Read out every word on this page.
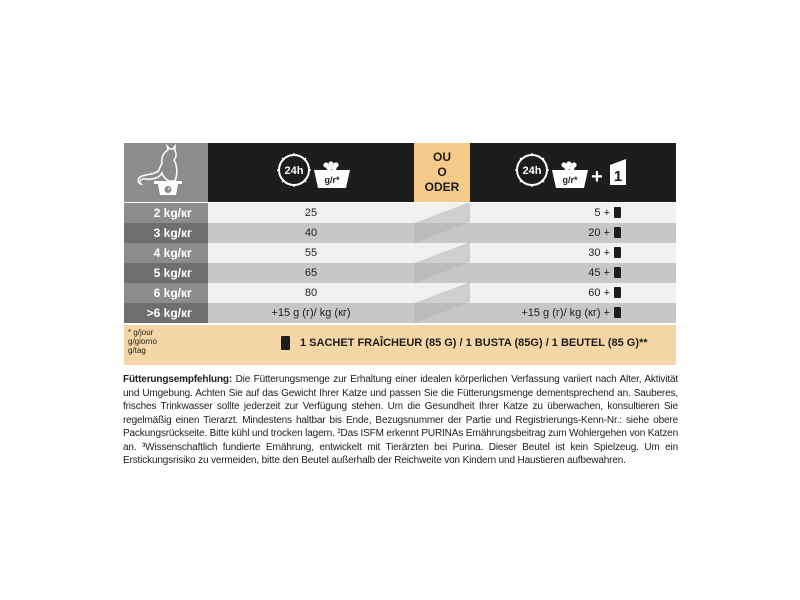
24h
g/r*
OU
O
ODER
24h
g/r* + 1
2 kg/кг	25	5 +
3 kg/кг	40	20 +
4 kg/кг	55	30 +
5 kg/кг	65	45 +
6 kg/кг	80	60 +
>6 kg/кг	+15 g (г)/ kg (кг)	+15 g (г)/ kg (кг) +
* g/jour
g/giorno
g/tag
1 SACHET FRAÎCHEUR (85 G) / 1 BUSTA (85G) / 1 BEUTEL (85 G)**
Fütterungsempfehlung: Die Fütterungsmenge zur Erhaltung einer idealen körperlichen Verfassung variiert nach Alter, Aktivität und Umgebung. Achten Sie auf das Gewicht Ihrer Katze und passen Sie die Fütterungsmenge dementsprechend an. Sauberes, frisches Trinkwasser sollte jederzeit zur Verfügung stehen. Um die Gesundheit Ihrer Katze zu überwachen, konsultieren Sie regelmäßig einen Tierarzt. Mindestens haltbar bis Ende, Bezugsnummer der Partie und Registrierungs-Kenn-Nr.: siehe obere Packungsrückseite. Bitte kühl und trocken lagern. ²Das ISFM erkennt PURINAs Ernährungsbeitrag zum Wohlergehen von Katzen an. ³Wissenschaftlich fundierte Ernährung, entwickelt mit Tierärzten bei Purina. Dieser Beutel ist kein Spielzeug. Um ein Erstickungsrisiko zu vermeiden, bitte den Beutel außerhalb der Reichweite von Kindern und Haustieren aufbewahren.
